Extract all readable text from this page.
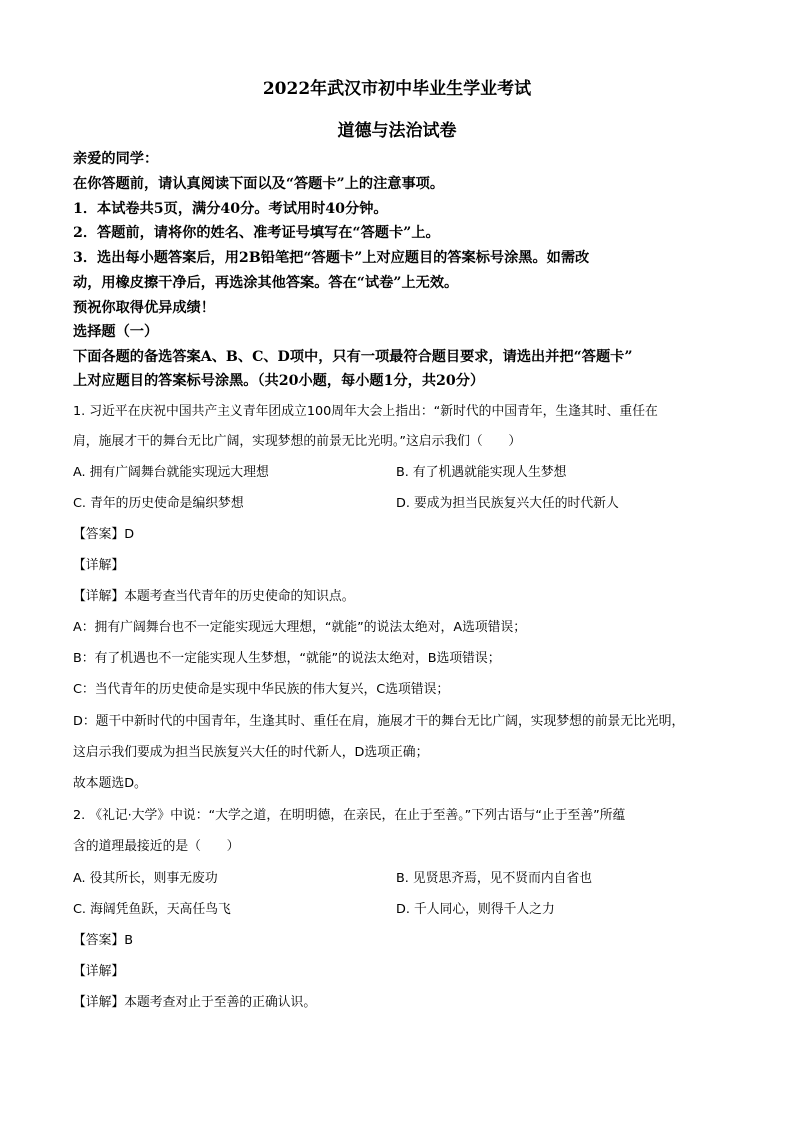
2022年武汉市初中毕业生学业考试
道德与法治试卷
亲爱的同学：
在你答题前，请认真阅读下面以及“答题卡”上的注意事项。
1．本试卷共5页，满分40分。考试用时40分钟。
2．答题前，请将你的姓名、准考证号填写在“答题卡”上。
3．选出每小题答案后，用2B铅笔把“答题卡”上对应题目的答案标号涂黑。如需改
动，用橡皮擦干净后，再选涂其他答案。答在“试卷”上无效。
预祝你取得优异成绩！
选择题（一）
下面各题的备选答案A、B、C、D项中，只有一项最符合题目要求，请选出并把“答题卡”
上对应题目的答案标号涂黑。（共20小题，每小题1分，共20分）
1. 习近平在庆祝中国共产主义青年团成立100周年大会上指出：“新时代的中国青年，生逢其时、重任在
肩，施展才干的舞台无比广阔，实现梦想的前景无比光明。”这启示我们（　　）
A. 拥有广阔舞台就能实现远大理想	B. 有了机遇就能实现人生梦想
C. 青年的历史使命是编织梦想	D. 要成为担当民族复兴大任的时代新人
【答案】D
【详解】
【详解】本题考查当代青年的历史使命的知识点。
A：拥有广阔舞台也不一定能实现远大理想，“就能”的说法太绝对，A选项错误；
B：有了机遇也不一定能实现人生梦想，“就能”的说法太绝对，B选项错误；
C：当代青年的历史使命是实现中华民族的伟大复兴，C选项错误；
D：题干中新时代的中国青年，生逢其时、重任在肩，施展才干的舞台无比广阔，实现梦想的前景无比光明，
这启示我们要成为担当民族复兴大任的时代新人，D选项正确；
故本题选D。
2. 《礼记·大学》中说：“大学之道，在明明德，在亲民，在止于至善。”下列古语与“止于至善”所蕴
含的道理最接近的是（　　）
A. 役其所长，则事无废功	B. 见贤思齐焉，见不贤而内自省也
C. 海阔凭鱼跃，天高任鸟飞	D. 千人同心，则得千人之力
【答案】B
【详解】
【详解】本题考查对止于至善的正确认识。
